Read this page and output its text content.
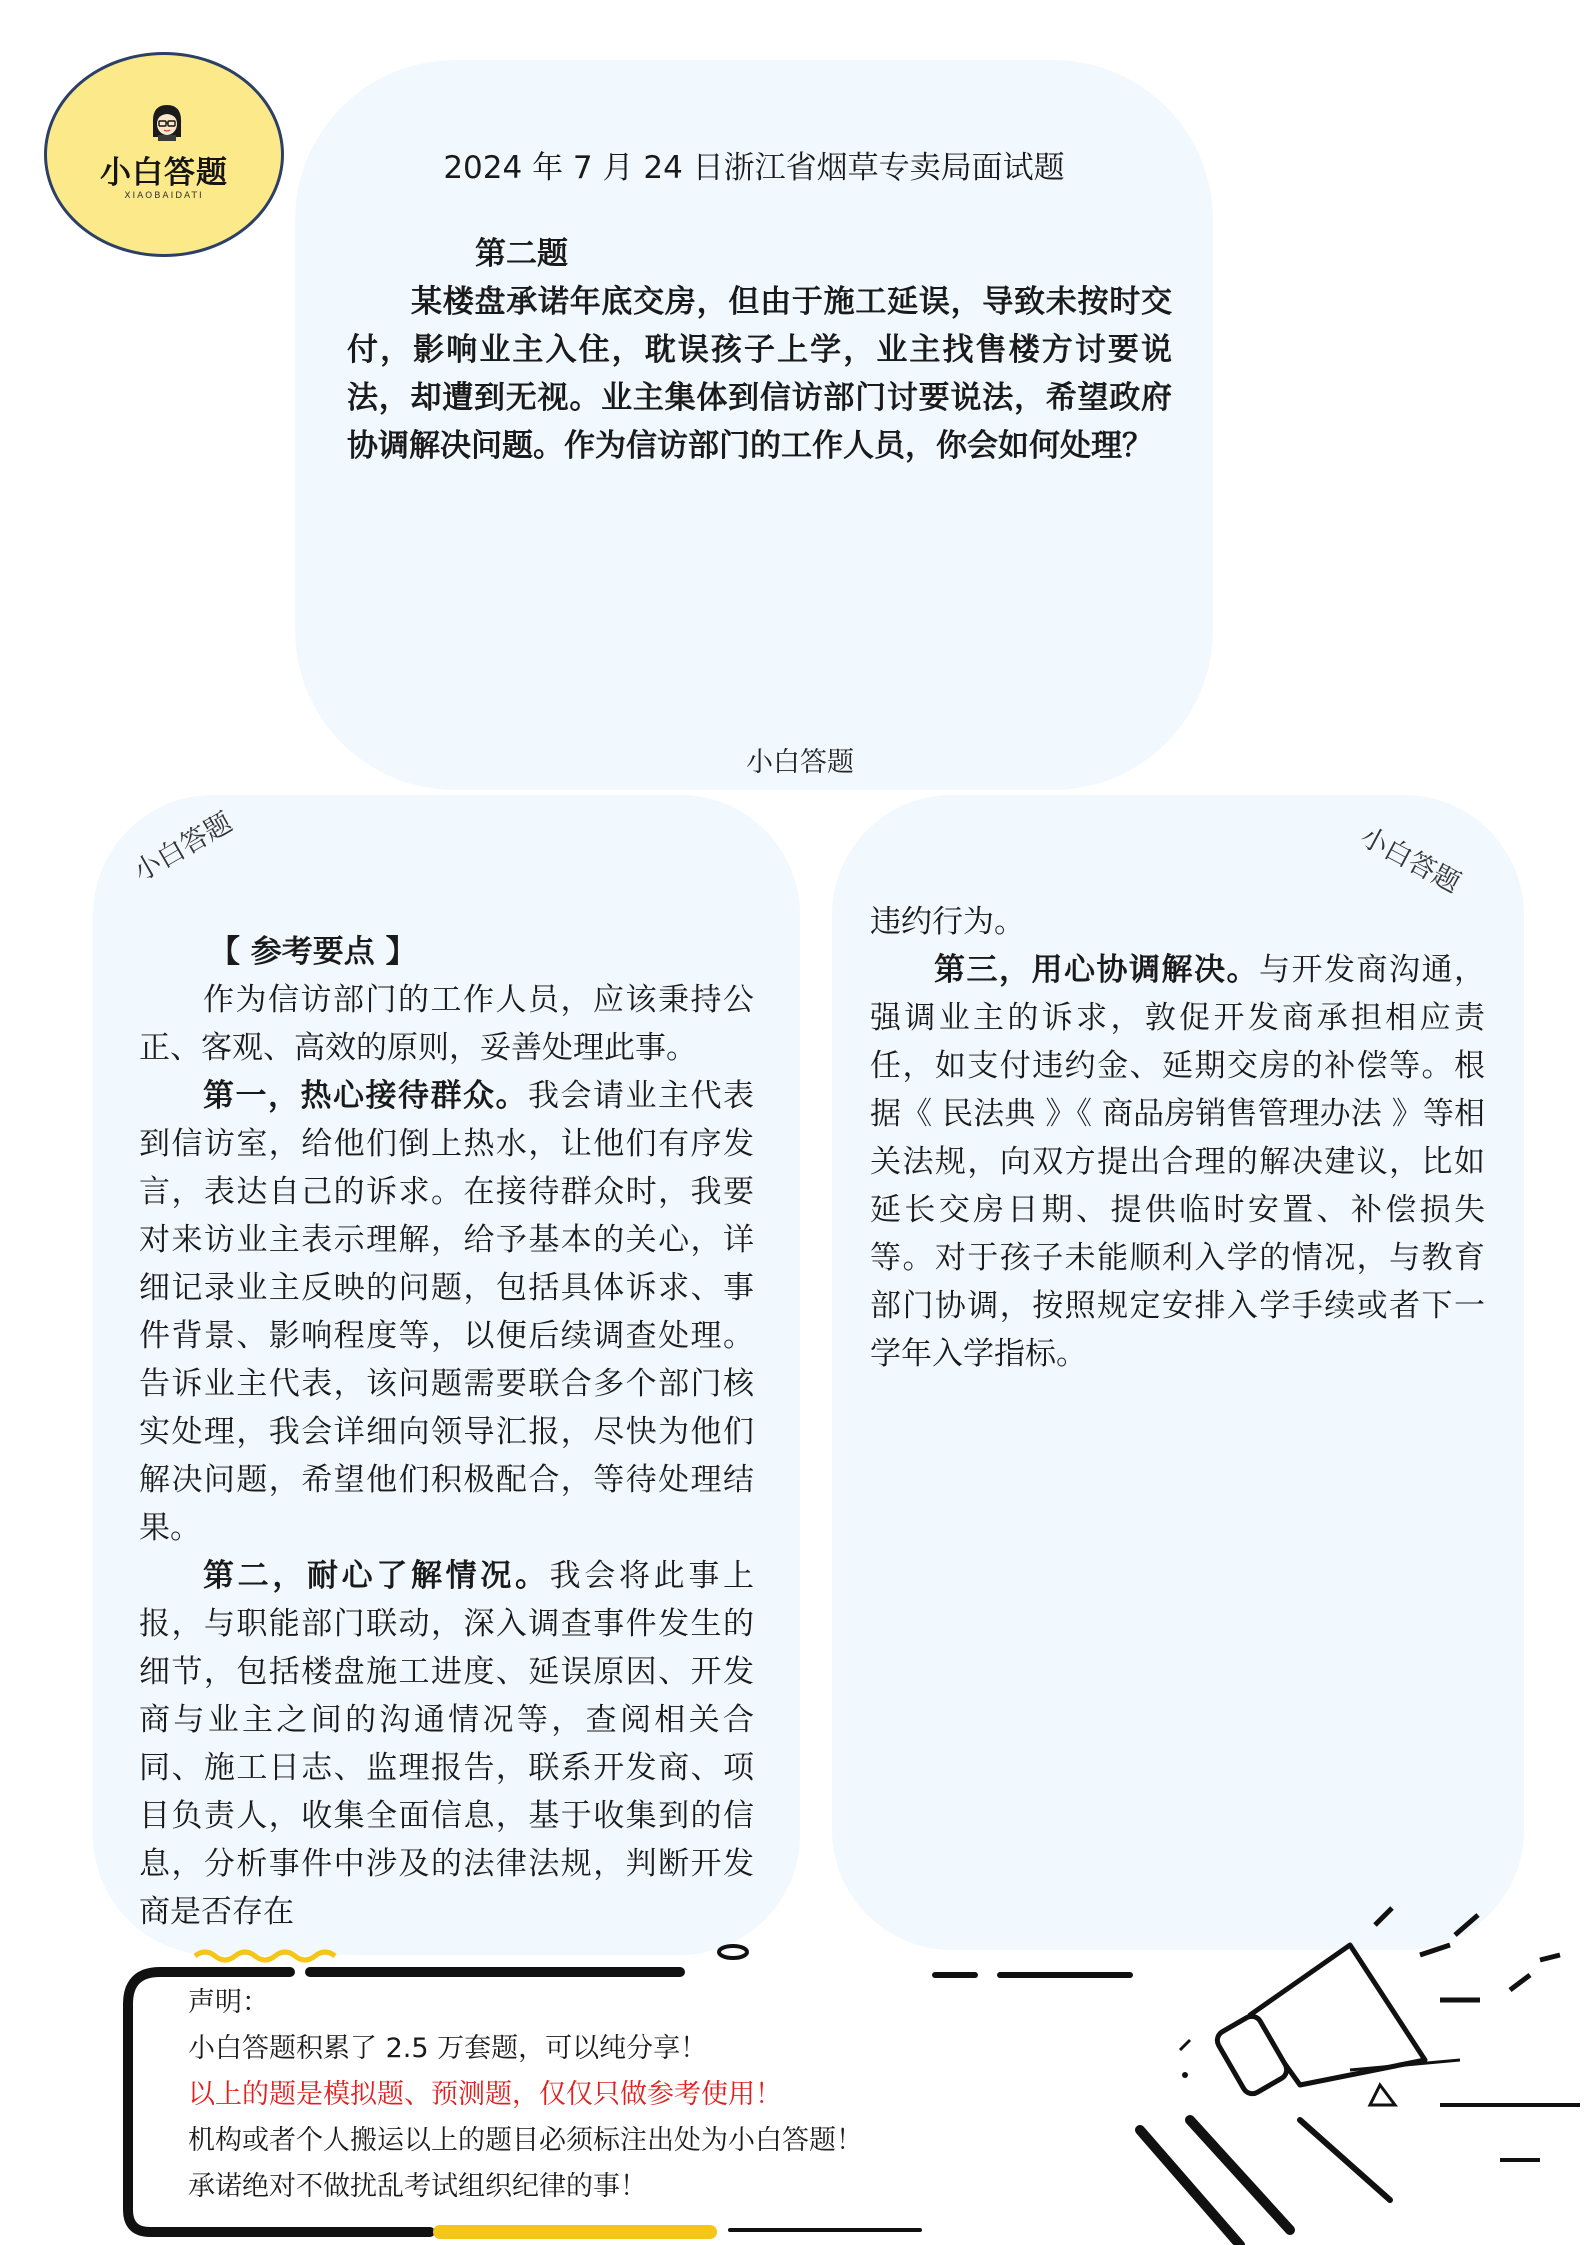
小白答题
XIAOBAIDATI
2024 年 7 月 24 日浙江省烟草专卖局面试题

第二题

某楼盘承诺年底交房，但由于施工延误，导致未按时交付，影响业主入住，耽误孩子上学，业主找售楼方讨要说法，却遭到无视。业主集体到信访部门讨要说法，希望政府协调解决问题。作为信访部门的工作人员，你会如何处理？

小白答题
小白答题	小白答题

【 参考要点 】

作为信访部门的工作人员，应该秉持公正、客观、高效的原则，妥善处理此事。

第一，热心接待群众。我会请业主代表到信访室，给他们倒上热水，让他们有序发言，表达自己的诉求。在接待群众时，我要对来访业主表示理解，给予基本的关心，详细记录业主反映的问题，包括具体诉求、事件背景、影响程度等，以便后续调查处理。告诉业主代表，该问题需要联合多个部门核实处理，我会详细向领导汇报，尽快为他们解决问题，希望他们积极配合，等待处理结果。

第二，耐心了解情况。我会将此事上报，与职能部门联动，深入调查事件发生的细节，包括楼盘施工进度、延误原因、开发商与业主之间的沟通情况等，查阅相关合同、施工日志、监理报告，联系开发商、项目负责人，收集全面信息，基于收集到的信息，分析事件中涉及的法律法规，判断开发商是否存在

违约行为。

第三，用心协调解决。与开发商沟通，强调业主的诉求，敦促开发商承担相应责任，如支付违约金、延期交房的补偿等。根据《 民法典 》《 商品房销售管理办法 》等相关法规，向双方提出合理的解决建议，比如延长交房日期、提供临时安置、补偿损失等。对于孩子未能顺利入学的情况，与教育部门协调，按照规定安排入学手续或者下一学年入学指标。

声明：
小白答题积累了 2.5 万套题，可以纯分享！
以上的题是模拟题、预测题，仅仅只做参考使用！
机构或者个人搬运以上的题目必须标注出处为小白答题！
承诺绝对不做扰乱考试组织纪律的事！
